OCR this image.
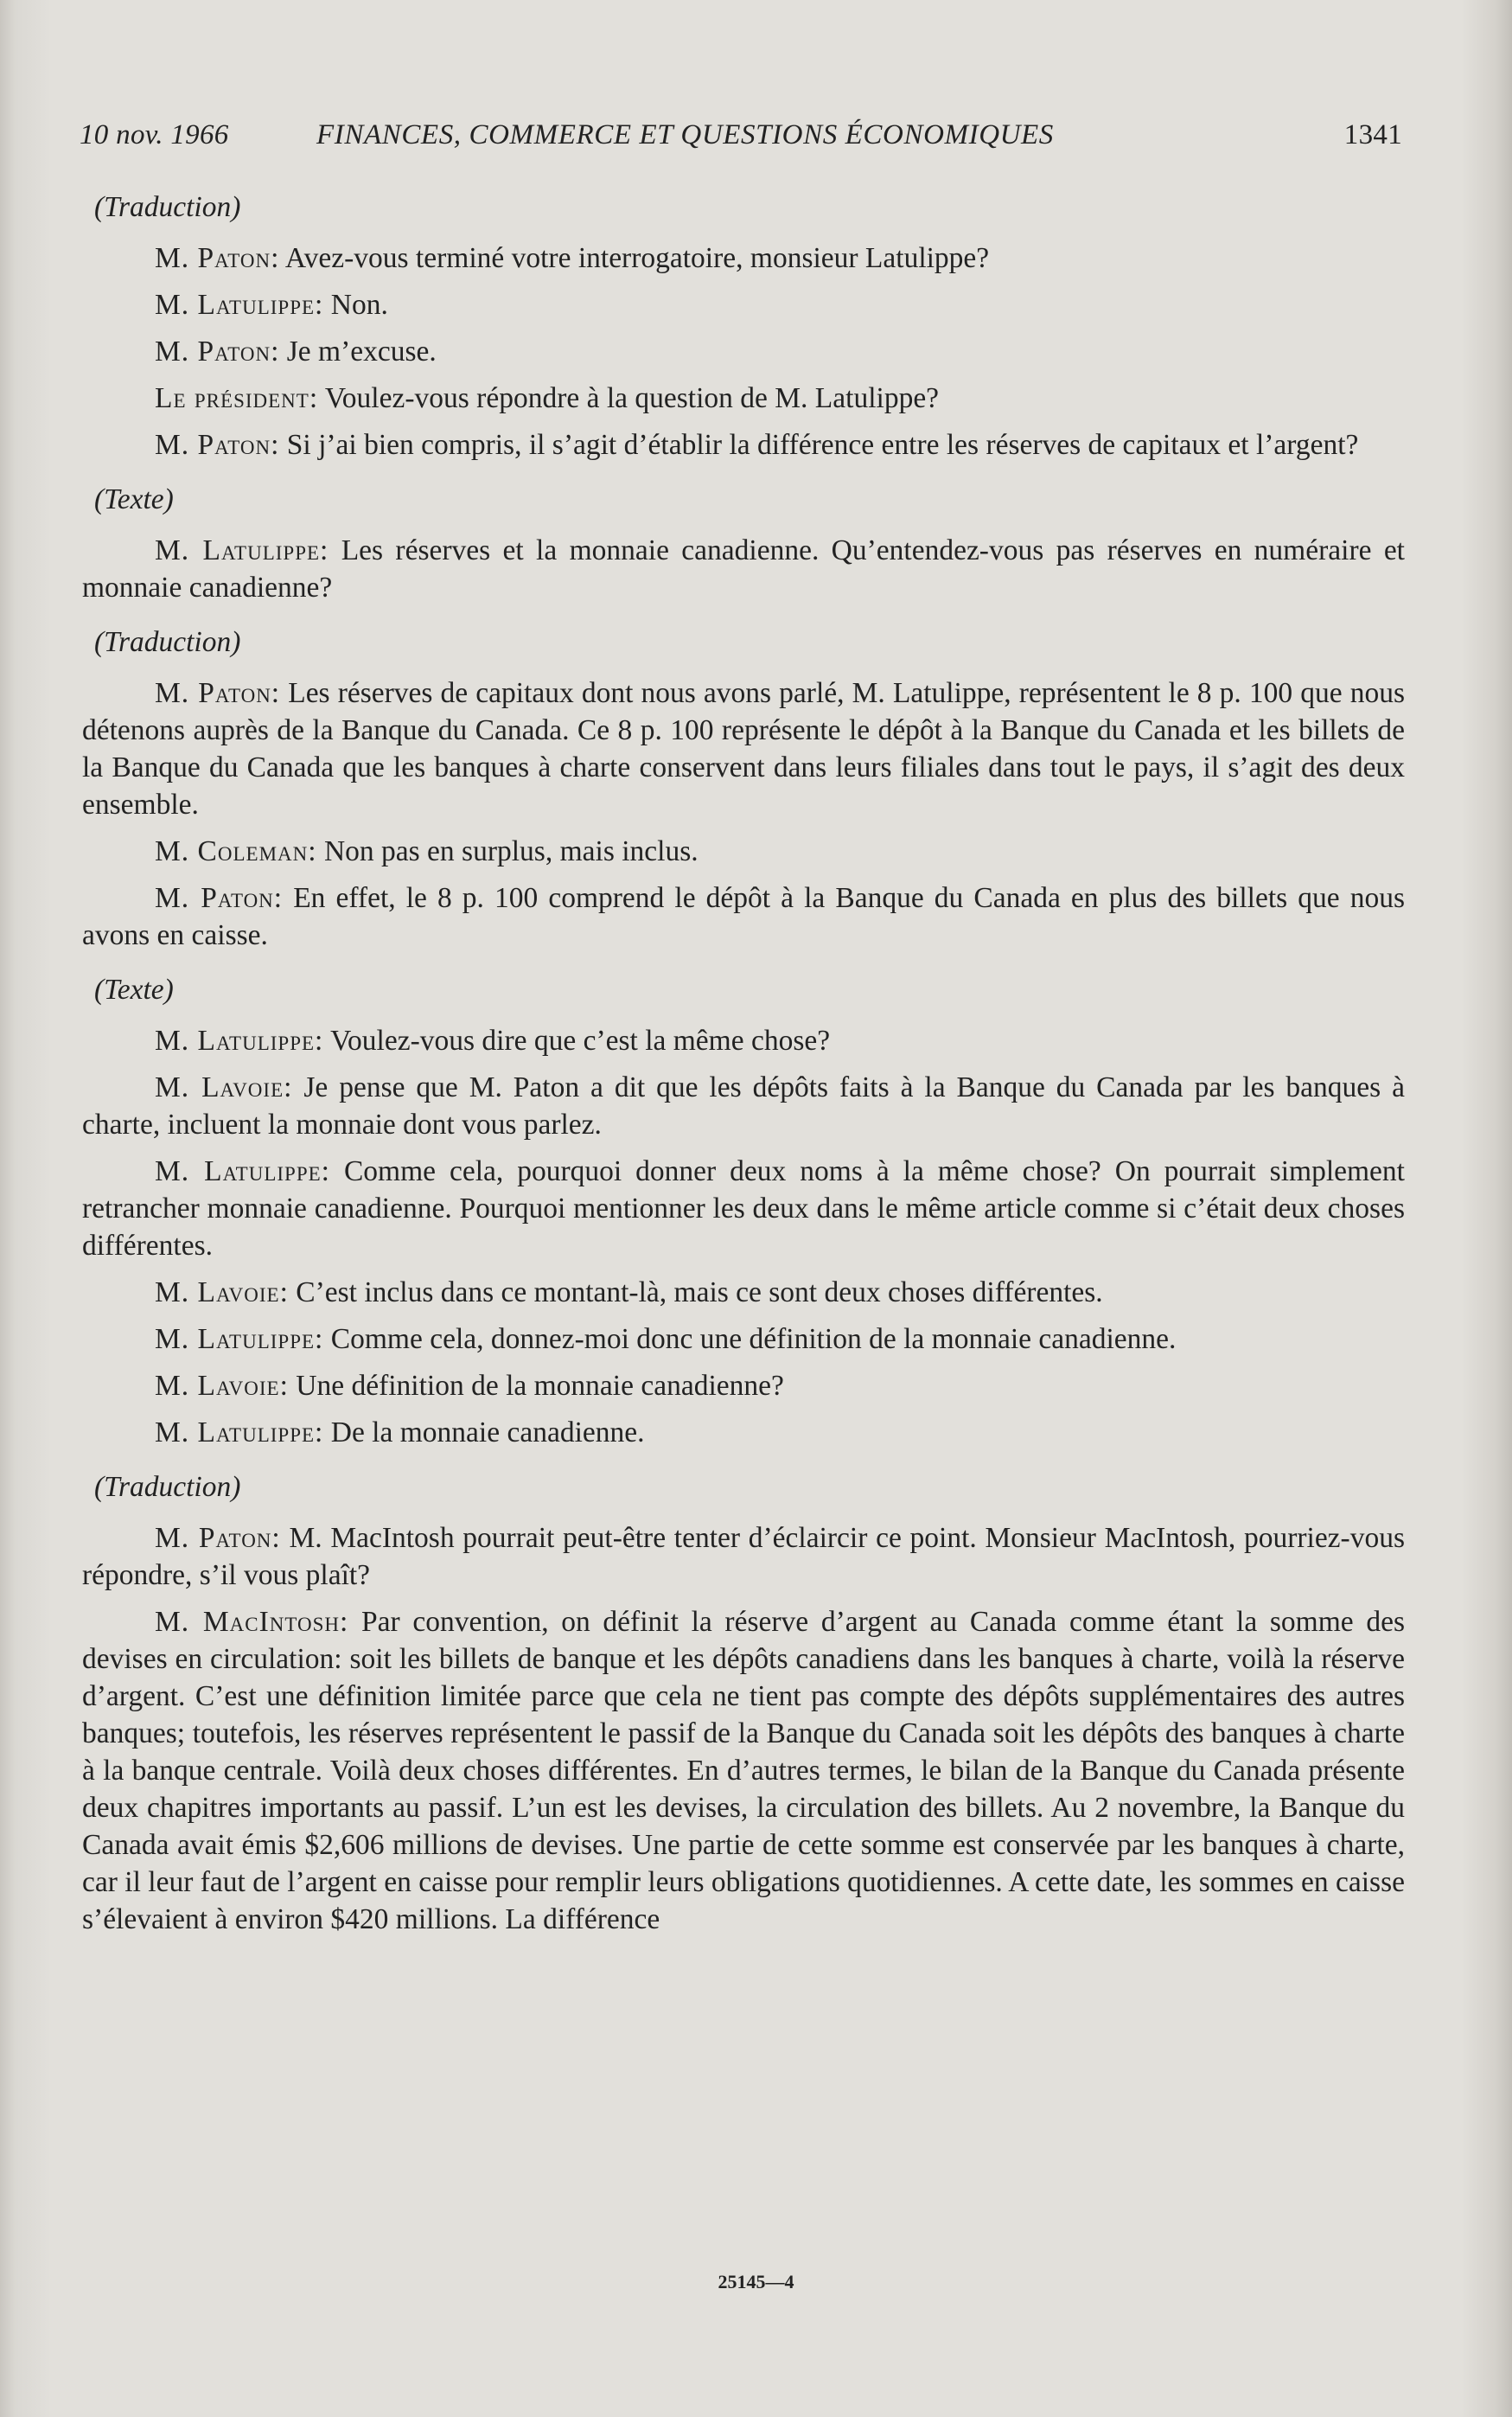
10 nov. 1966	FINANCES, COMMERCE ET QUESTIONS ÉCONOMIQUES	1341
(Traduction)

M. Paton: Avez-vous terminé votre interrogatoire, monsieur Latulippe?

M. Latulippe: Non.

M. Paton: Je m’excuse.

Le président: Voulez-vous répondre à la question de M. Latulippe?

M. Paton: Si j’ai bien compris, il s’agit d’établir la différence entre les réserves de capitaux et l’argent?

(Texte)

M. Latulippe: Les réserves et la monnaie canadienne. Qu’entendez-vous pas réserves en numéraire et monnaie canadienne?

(Traduction)

M. Paton: Les réserves de capitaux dont nous avons parlé, M. Latulippe, représentent le 8 p. 100 que nous détenons auprès de la Banque du Canada. Ce 8 p. 100 représente le dépôt à la Banque du Canada et les billets de la Banque du Canada que les banques à charte conservent dans leurs filiales dans tout le pays, il s’agit des deux ensemble.

M. Coleman: Non pas en surplus, mais inclus.

M. Paton: En effet, le 8 p. 100 comprend le dépôt à la Banque du Canada en plus des billets que nous avons en caisse.

(Texte)

M. Latulippe: Voulez-vous dire que c’est la même chose?

M. Lavoie: Je pense que M. Paton a dit que les dépôts faits à la Banque du Canada par les banques à charte, incluent la monnaie dont vous parlez.

M. Latulippe: Comme cela, pourquoi donner deux noms à la même chose? On pourrait simplement retrancher monnaie canadienne. Pourquoi mentionner les deux dans le même article comme si c’était deux choses différentes.

M. Lavoie: C’est inclus dans ce montant-là, mais ce sont deux choses différentes.

M. Latulippe: Comme cela, donnez-moi donc une définition de la monnaie canadienne.

M. Lavoie: Une définition de la monnaie canadienne?

M. Latulippe: De la monnaie canadienne.

(Traduction)

M. Paton: M. MacIntosh pourrait peut-être tenter d’éclaircir ce point. Monsieur MacIntosh, pourriez-vous répondre, s’il vous plaît?

M. MacIntosh: Par convention, on définit la réserve d’argent au Canada comme étant la somme des devises en circulation: soit les billets de banque et les dépôts canadiens dans les banques à charte, voilà la réserve d’argent. C’est une définition limitée parce que cela ne tient pas compte des dépôts supplémentaires des autres banques; toutefois, les réserves représentent le passif de la Banque du Canada soit les dépôts des banques à charte à la banque centrale. Voilà deux choses différentes. En d’autres termes, le bilan de la Banque du Canada présente deux chapitres importants au passif. L’un est les devises, la circulation des billets. Au 2 novembre, la Banque du Canada avait émis $2,606 millions de devises. Une partie de cette somme est conservée par les banques à charte, car il leur faut de l’argent en caisse pour remplir leurs obligations quotidiennes. A cette date, les sommes en caisse s’élevaient à environ $420 millions. La différence

25145—4
